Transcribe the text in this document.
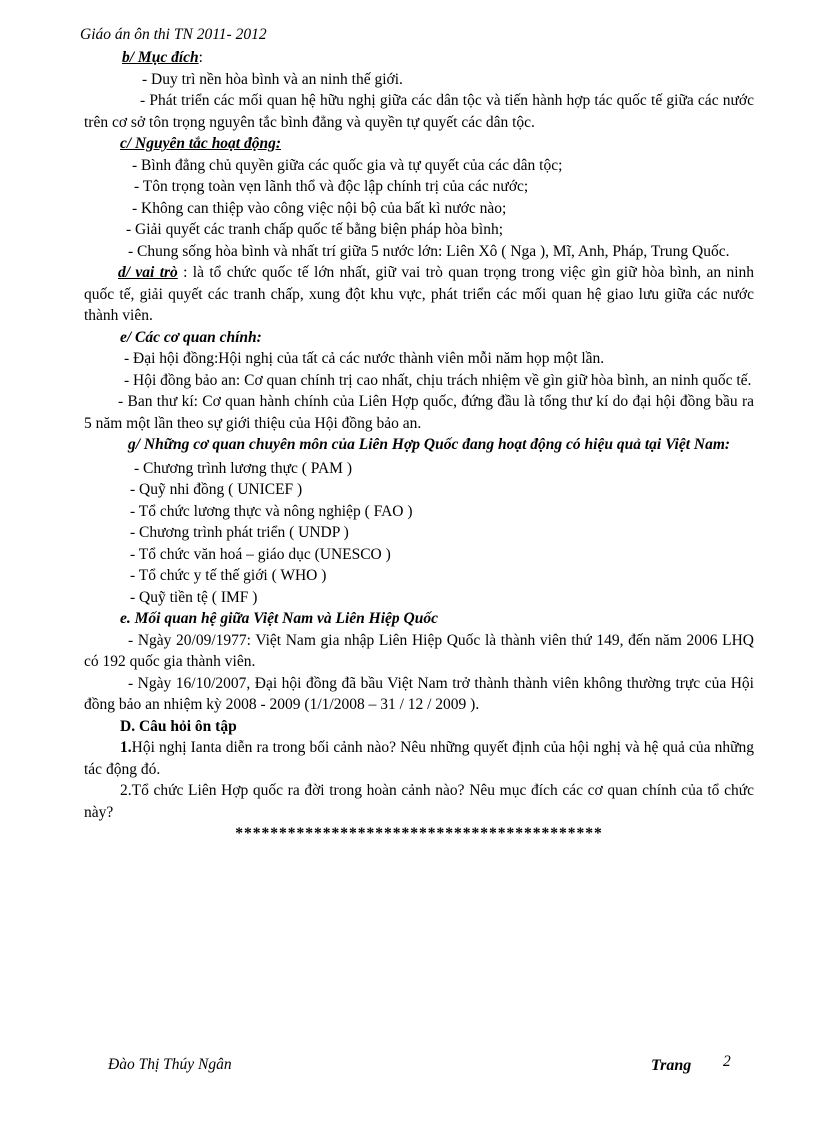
Giáo án ôn thi TN 2011- 2012

b/ Mục đích:

- Duy trì nền hòa bình và an ninh thế giới.

- Phát triển các mối quan hệ hữu nghị giữa các dân tộc và tiến hành hợp tác quốc tế giữa các nước trên cơ sở tôn trọng nguyên tắc bình đẳng và quyền tự quyết các dân tộc.

c/ Nguyên tắc hoạt động:

- Bình đẳng chủ quyền giữa các quốc gia và tự quyết của các dân tộc;

- Tôn trọng toàn vẹn lãnh thổ và độc lập chính trị của các nước;

- Không can thiệp vào công việc nội bộ của bất kì nước nào;

- Giải quyết các tranh chấp quốc tế bằng biện pháp hòa bình;

- Chung sống hòa bình và nhất trí giữa 5 nước lớn: Liên Xô ( Nga ), Mĩ, Anh, Pháp, Trung Quốc.

d/ vai trò : là tổ chức quốc tế lớn nhất, giữ vai trò quan trọng trong việc gìn giữ hòa bình, an ninh quốc tế, giải quyết các tranh chấp, xung đột khu vực, phát triển các mối quan hệ giao lưu giữa các nước thành viên.

e/ Các cơ quan chính:

- Đại hội đồng:Hội nghị của tất cả các nước thành viên mỗi năm họp một lần.

- Hội đồng bảo an: Cơ quan chính trị cao nhất, chịu trách nhiệm về gìn giữ hòa bình, an ninh quốc tế.

- Ban thư kí: Cơ quan hành chính của Liên Hợp quốc, đứng đầu là tổng thư kí do đại hội đồng bầu ra 5 năm một lần theo sự giới thiệu của Hội đồng bảo an.

g/ Những cơ quan chuyên môn của Liên Hợp Quốc đang hoạt động có hiệu quả tại Việt Nam:

- Chương trình lương thực ( PAM )

- Quỹ nhi đồng ( UNICEF )

- Tổ chức lương thực và nông nghiệp ( FAO )

- Chương trình phát triển ( UNDP )

- Tổ chức văn hoá – giáo dục (UNESCO )

- Tổ chức y tế thế giới ( WHO )

- Quỹ tiền tệ ( IMF )

e. Mối quan hệ giữa Việt Nam và Liên Hiệp Quốc

- Ngày 20/09/1977: Việt Nam gia nhập Liên Hiệp Quốc là thành viên thứ 149, đến năm 2006 LHQ có 192 quốc gia thành viên.

- Ngày 16/10/2007, Đại hội đồng đã bầu Việt Nam trở thành thành viên không thường trực của Hội đồng bảo an nhiệm kỳ 2008 - 2009 (1/1/2008 – 31 / 12 / 2009 ).

D. Câu hỏi ôn tập

1.Hội nghị Ianta diễn ra trong bối cảnh nào? Nêu những quyết định của hội nghị và hệ quả của những tác động đó.

2.Tổ chức Liên Hợp quốc ra đời trong hoàn cảnh nào? Nêu mục đích các cơ quan chính của tổ chức này?

******************************************

Đào Thị Thúy Ngân	Trang 2
